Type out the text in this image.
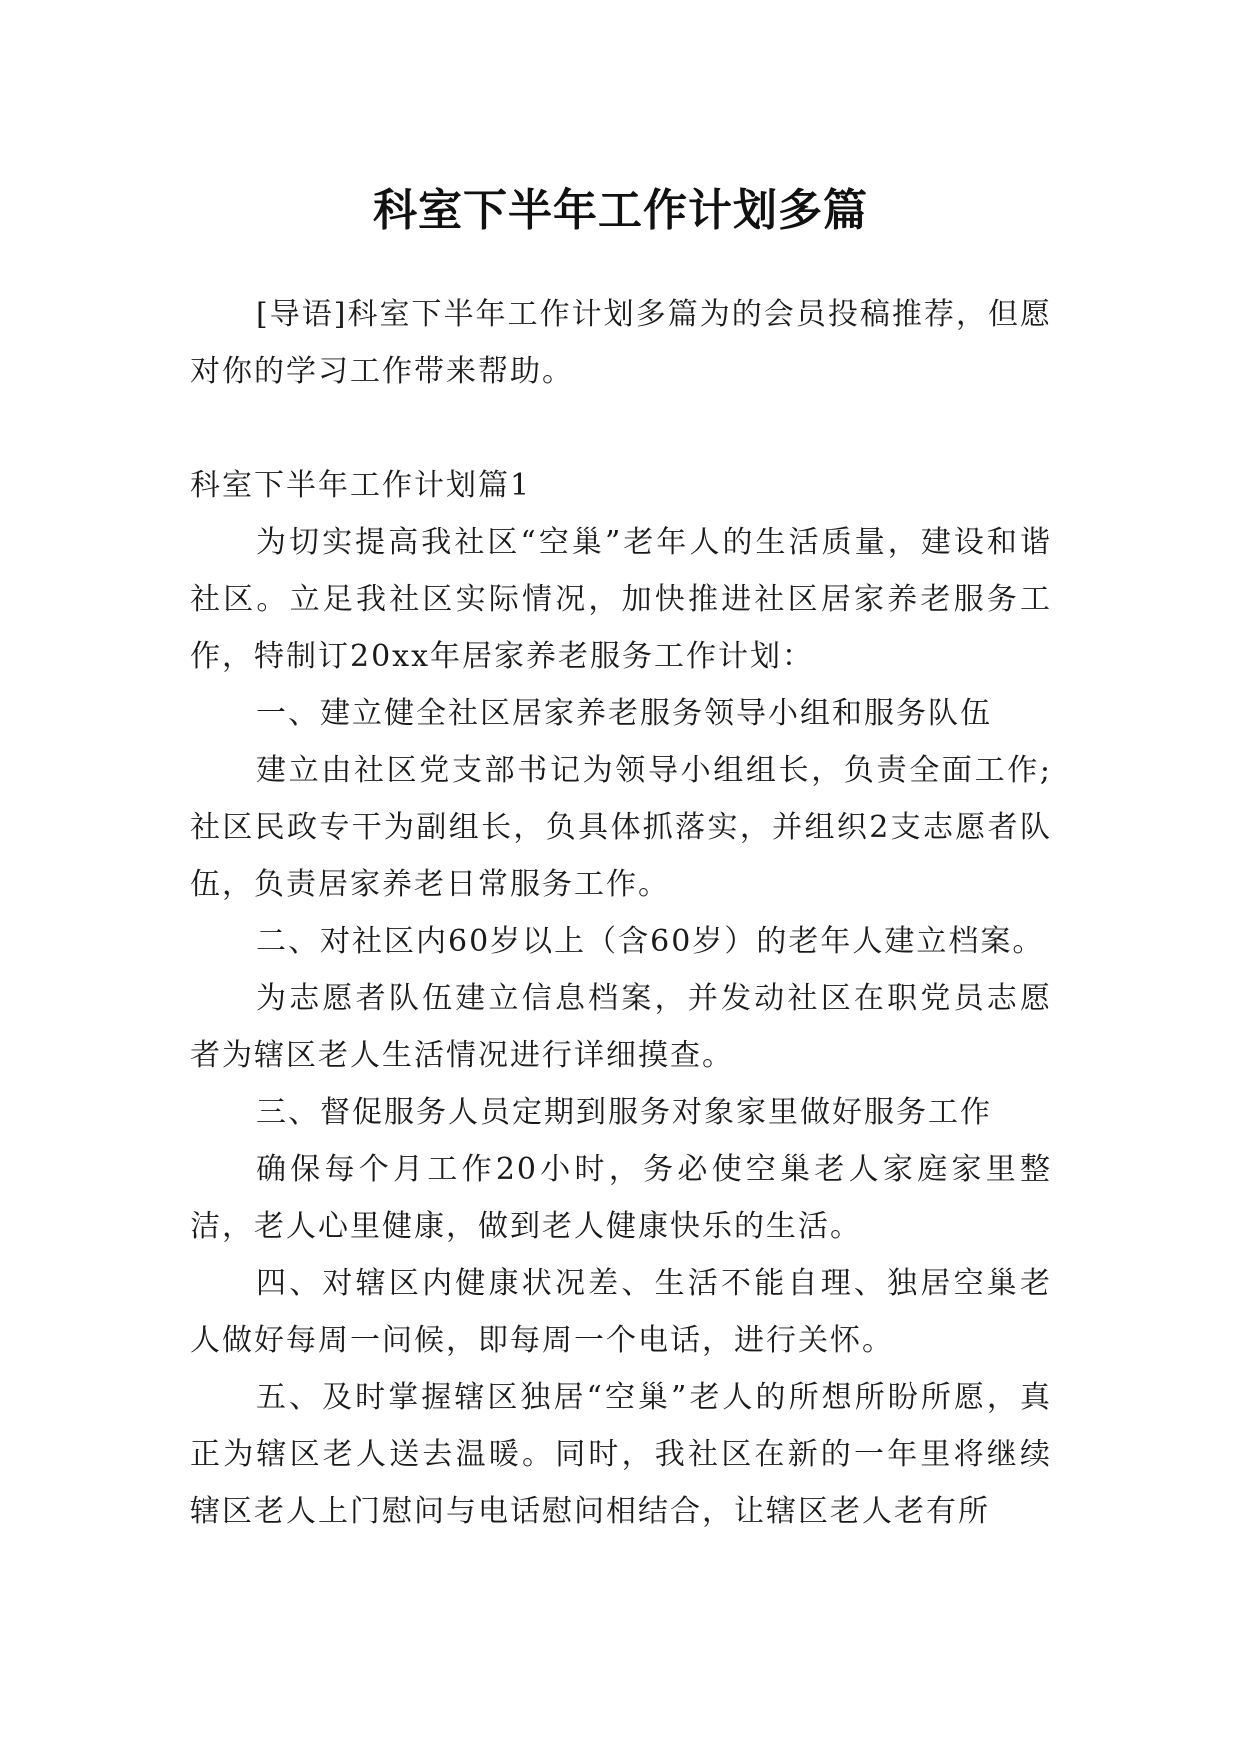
科室下半年工作计划多篇

[导语]科室下半年工作计划多篇为的会员投稿推荐，但愿对你的学习工作带来帮助。

科室下半年工作计划篇1

为切实提高我社区“空巢”老年人的生活质量，建设和谐社区。立足我社区实际情况，加快推进社区居家养老服务工作，特制订20xx年居家养老服务工作计划：

一、建立健全社区居家养老服务领导小组和服务队伍

建立由社区党支部书记为领导小组组长，负责全面工作;社区民政专干为副组长，负具体抓落实，并组织2支志愿者队伍，负责居家养老日常服务工作。

二、对社区内60岁以上（含60岁）的老年人建立档案。

为志愿者队伍建立信息档案，并发动社区在职党员志愿者为辖区老人生活情况进行详细摸查。

三、督促服务人员定期到服务对象家里做好服务工作

确保每个月工作20小时，务必使空巢老人家庭家里整洁，老人心里健康，做到老人健康快乐的生活。

四、对辖区内健康状况差、生活不能自理、独居空巢老人做好每周一问候，即每周一个电话，进行关怀。

五、及时掌握辖区独居“空巢”老人的所想所盼所愿，真正为辖区老人送去温暖。同时，我社区在新的一年里将继续辖区老人上门慰问与电话慰问相结合，让辖区老人老有所
